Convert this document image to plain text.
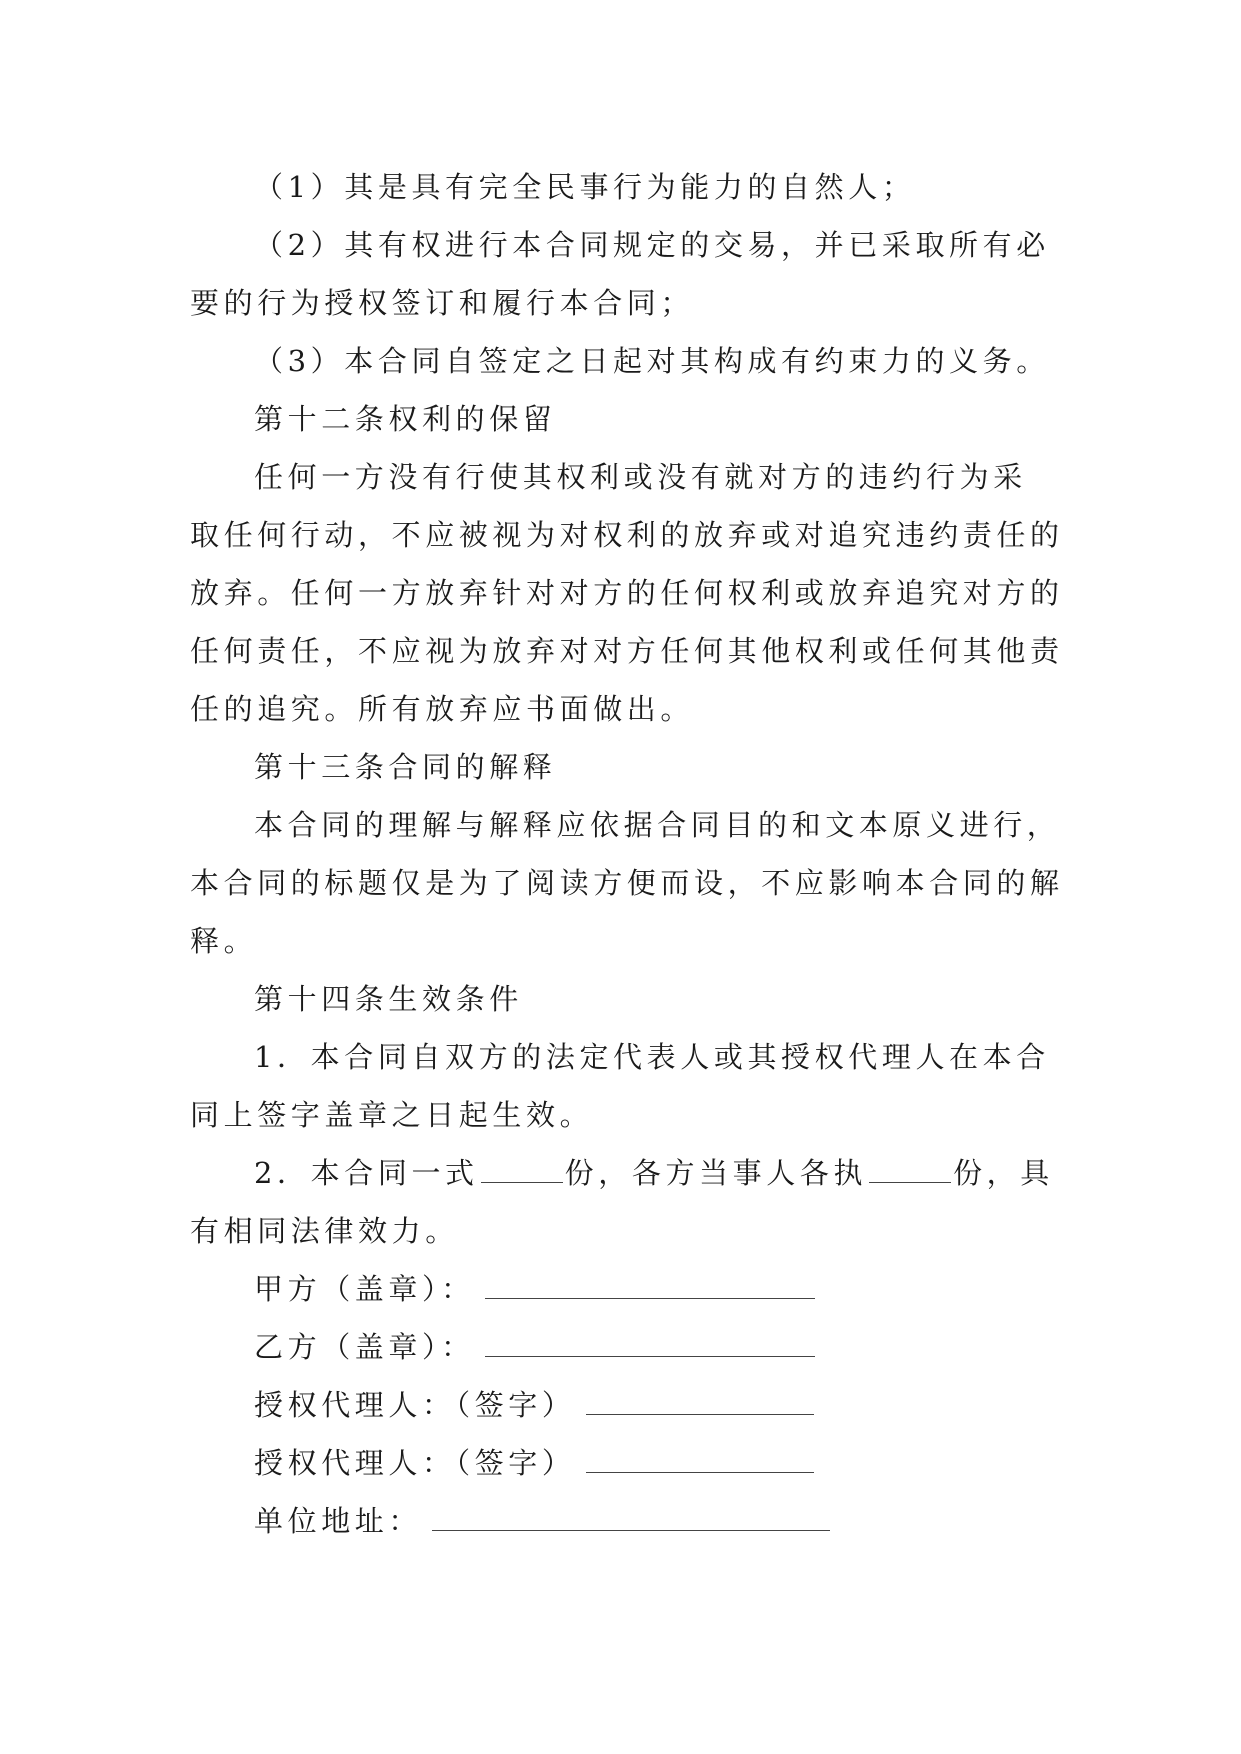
（1）其是具有完全民事行为能力的自然人；
（2）其有权进行本合同规定的交易，并已采取所有必
要的行为授权签订和履行本合同；
（3）本合同自签定之日起对其构成有约束力的义务。
第十二条权利的保留
任何一方没有行使其权利或没有就对方的违约行为采
取任何行动，不应被视为对权利的放弃或对追究违约责任的
放弃。任何一方放弃针对对方的任何权利或放弃追究对方的
任何责任，不应视为放弃对对方任何其他权利或任何其他责
任的追究。所有放弃应书面做出。
第十三条合同的解释
本合同的理解与解释应依据合同目的和文本原义进行，
本合同的标题仅是为了阅读方便而设，不应影响本合同的解
释。
第十四条生效条件
1．本合同自双方的法定代表人或其授权代理人在本合
同上签字盖章之日起生效。
2．本合同一式	份，各方当事人各执	份，具
有相同法律效力。
甲方（盖章）：
乙方（盖章）：
授权代理人：（签字）
授权代理人：（签字）
单位地址：
